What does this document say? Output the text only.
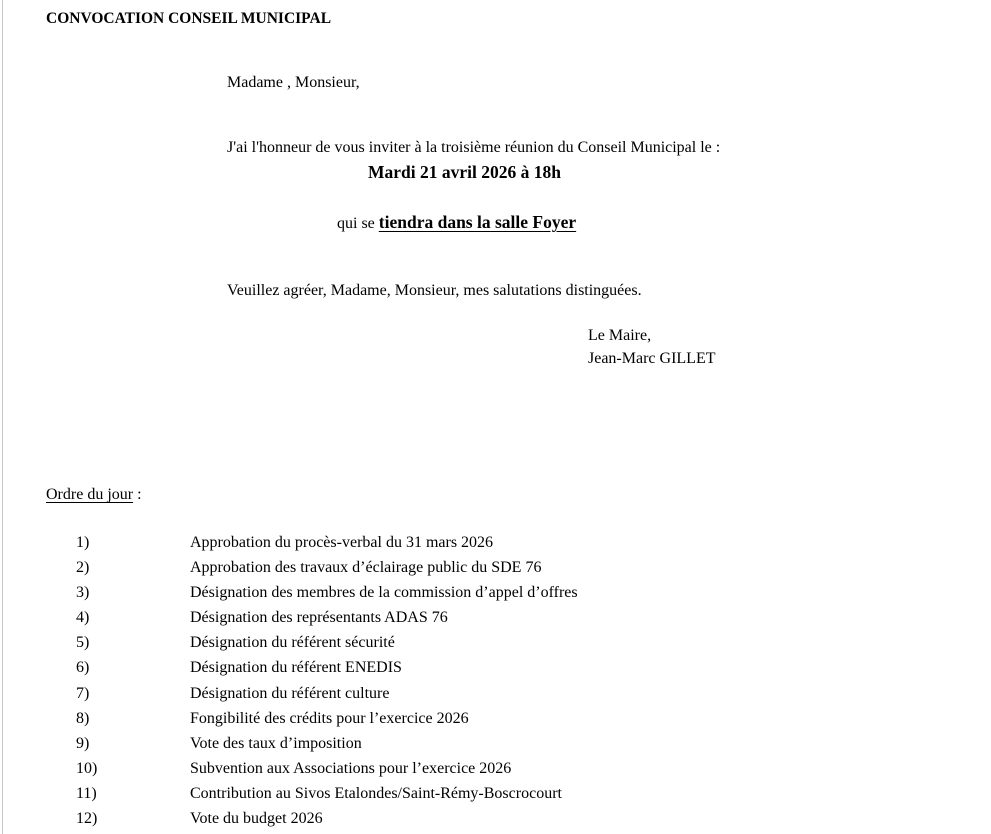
CONVOCATION CONSEIL MUNICIPAL
Madame , Monsieur,
J'ai l'honneur de vous inviter à la troisième réunion du Conseil Municipal le :
Mardi 21 avril 2026 à 18h
qui se tiendra dans la salle Foyer
Veuillez agréer, Madame, Monsieur, mes salutations distinguées.
Le Maire,
Jean-Marc GILLET
Ordre du jour :
1)	Approbation du procès-verbal du 31 mars 2026
2)	Approbation des travaux d’éclairage public du SDE 76
3)	Désignation des membres de la commission d’appel d’offres
4)	Désignation des représentants ADAS 76
5)	Désignation du référent sécurité
6)	Désignation du référent ENEDIS
7)	Désignation du référent culture
8)	Fongibilité des crédits pour l’exercice 2026
9)	Vote des taux d’imposition
10)	Subvention aux Associations pour l’exercice 2026
11)	Contribution au Sivos Etalondes/Saint-Rémy-Boscrocourt
12)	Vote du budget 2026
